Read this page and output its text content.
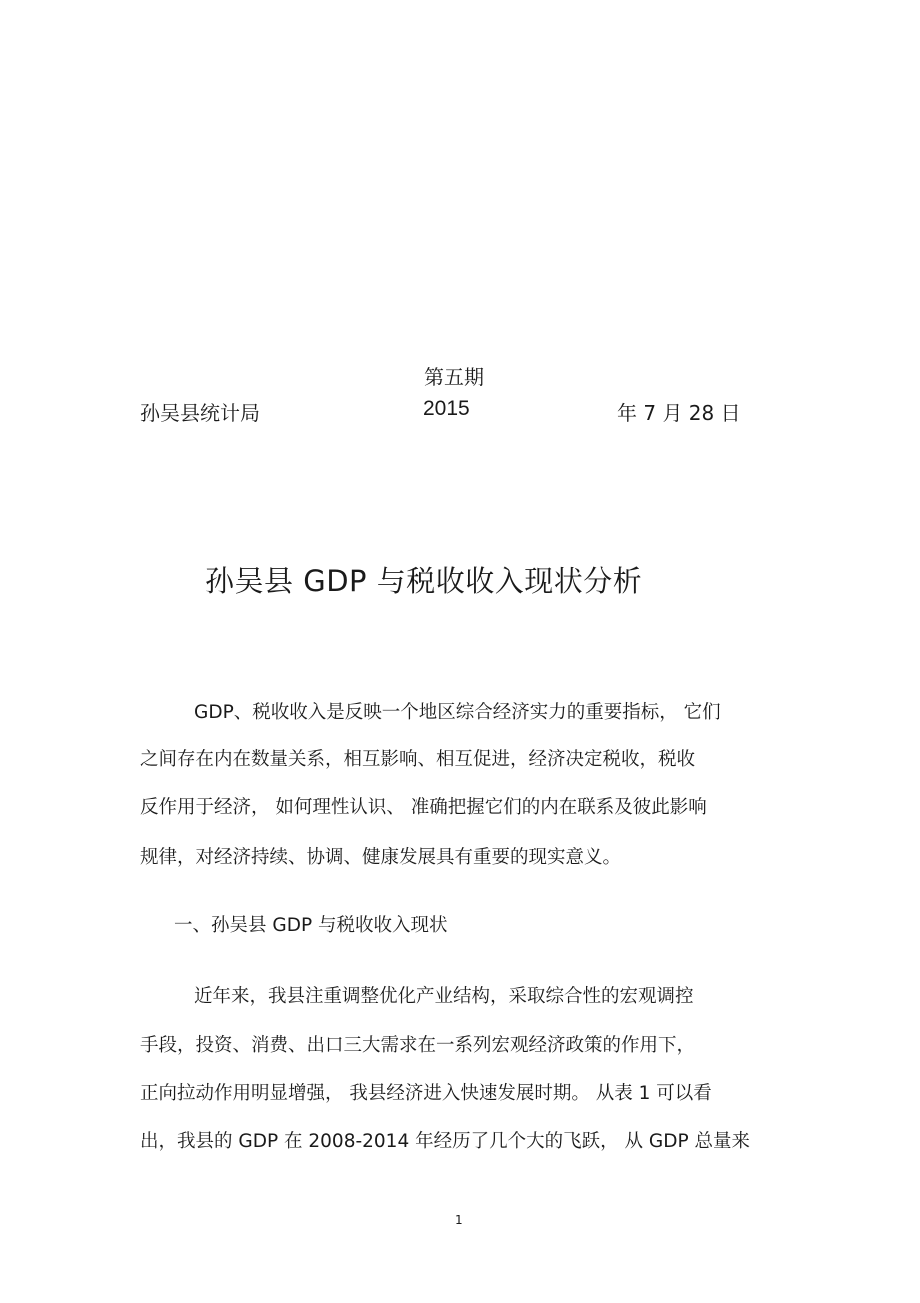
第五期
孙吴县统计局	2015	年 7 月 28 日
孙吴县 GDP 与税收收入现状分析

GDP、税收收入是反映一个地区综合经济实力的重要指标， 它们

之间存在内在数量关系，相互影响、相互促进，经济决定税收，税收

反作用于经济， 如何理性认识、 准确把握它们的内在联系及彼此影响

规律，对经济持续、协调、健康发展具有重要的现实意义。

一、孙吴县 GDP 与税收收入现状

近年来，我县注重调整优化产业结构，采取综合性的宏观调控

手段，投资、消费、出口三大需求在一系列宏观经济政策的作用下，

正向拉动作用明显增强， 我县经济进入快速发展时期。 从表 1 可以看

出，我县的 GDP 在 2008-2014 年经历了几个大的飞跃， 从 GDP 总量来

1
